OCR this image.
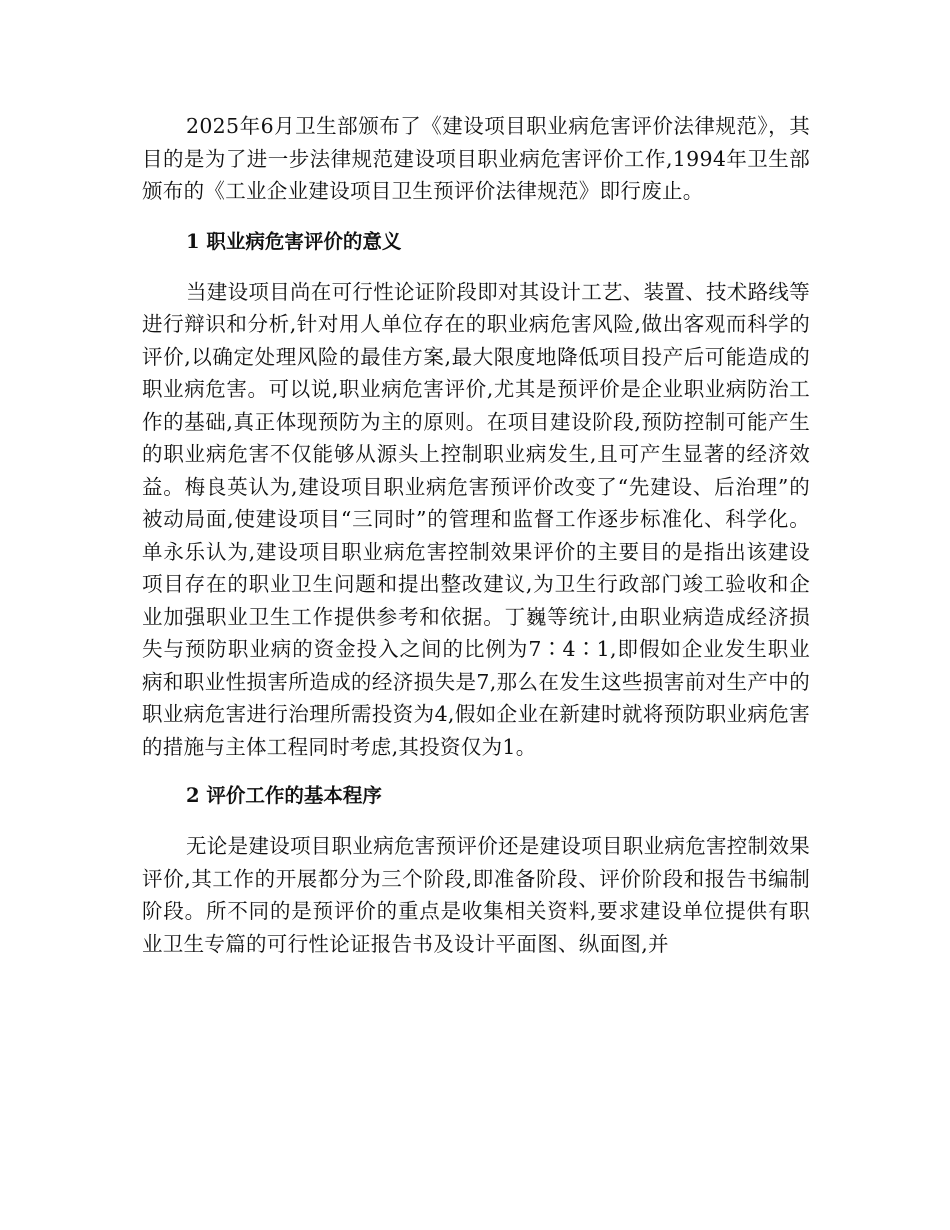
2025年6月卫生部颁布了《建设项目职业病危害评价法律规范》，其目的是为了进一步法律规范建设项目职业病危害评价工作,1994年卫生部颁布的《工业企业建设项目卫生预评价法律规范》即行废止。

1 职业病危害评价的意义

当建设项目尚在可行性论证阶段即对其设计工艺、装置、技术路线等进行辩识和分析,针对用人单位存在的职业病危害风险,做出客观而科学的评价,以确定处理风险的最佳方案,最大限度地降低项目投产后可能造成的职业病危害。可以说,职业病危害评价,尤其是预评价是企业职业病防治工作的基础,真正体现预防为主的原则。在项目建设阶段,预防控制可能产生的职业病危害不仅能够从源头上控制职业病发生,且可产生显著的经济效益。梅良英认为,建设项目职业病危害预评价改变了“先建设、后治理”的被动局面,使建设项目“三同时”的管理和监督工作逐步标准化、科学化。单永乐认为,建设项目职业病危害控制效果评价的主要目的是指出该建设项目存在的职业卫生问题和提出整改建议,为卫生行政部门竣工验收和企业加强职业卫生工作提供参考和依据。丁巍等统计,由职业病造成经济损失与预防职业病的资金投入之间的比例为7∶4∶1,即假如企业发生职业病和职业性损害所造成的经济损失是7,那么在发生这些损害前对生产中的职业病危害进行治理所需投资为4,假如企业在新建时就将预防职业病危害的措施与主体工程同时考虑,其投资仅为1。

2 评价工作的基本程序

无论是建设项目职业病危害预评价还是建设项目职业病危害控制效果评价,其工作的开展都分为三个阶段,即准备阶段、评价阶段和报告书编制阶段。所不同的是预评价的重点是收集相关资料,要求建设单位提供有职业卫生专篇的可行性论证报告书及设计平面图、纵面图,并
